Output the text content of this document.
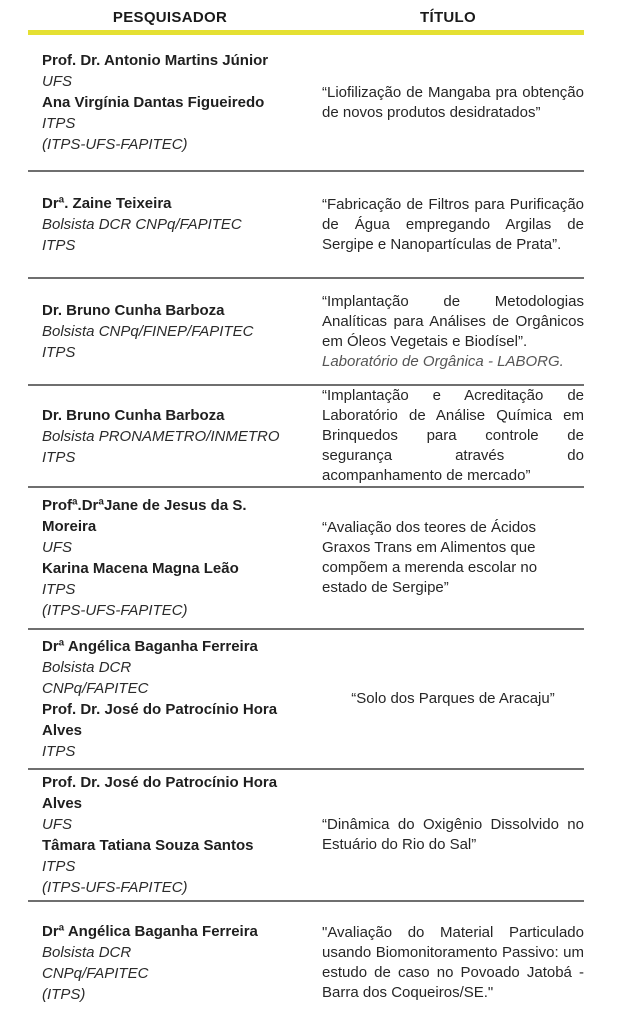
PESQUISADOR	TÍTULO
Prof. Dr. Antonio Martins Júnior
UFS
Ana Virgínia Dantas Figueiredo
ITPS
(ITPS-UFS-FAPITEC)

“Liofilização de Mangaba pra obtenção de novos produtos desidratados”

Drª. Zaine Teixeira
Bolsista DCR CNPq/FAPITEC
ITPS

“Fabricação de Filtros para Purificação de Água empregando Argilas de Sergipe e Nanopartículas de Prata”.

Dr. Bruno Cunha Barboza
Bolsista CNPq/FINEP/FAPITEC
ITPS

“Implantação de Metodologias Analíticas para Análises de Orgânicos em Óleos Vegetais e Biodísel”.

Laboratório de Orgânica - LABORG.

Dr. Bruno Cunha Barboza
Bolsista PRONAMETRO/INMETRO
ITPS

“Implantação e Acreditação de Laboratório de Análise Química em Brinquedos para controle de segurança através do acompanhamento de mercado”

Profª.DrªJane de Jesus da S. Moreira
UFS
Karina Macena Magna Leão
ITPS
(ITPS-UFS-FAPITEC)

“Avaliação dos teores de Ácidos Graxos Trans em Alimentos que compõem a merenda escolar no estado de Sergipe”

Drª Angélica Baganha Ferreira
Bolsista DCR
CNPq/FAPITEC
Prof. Dr. José do Patrocínio Hora Alves
ITPS

“Solo dos Parques de Aracaju”

Prof. Dr. José do Patrocínio Hora Alves
UFS
Tâmara Tatiana Souza Santos
ITPS
(ITPS-UFS-FAPITEC)

“Dinâmica do Oxigênio Dissolvido no Estuário do Rio do Sal”

Drª Angélica Baganha Ferreira
Bolsista DCR
CNPq/FAPITEC
(ITPS)

"Avaliação do Material Particulado usando Biomonitoramento Passivo: um estudo de caso no Povoado Jatobá - Barra dos Coqueiros/SE."
